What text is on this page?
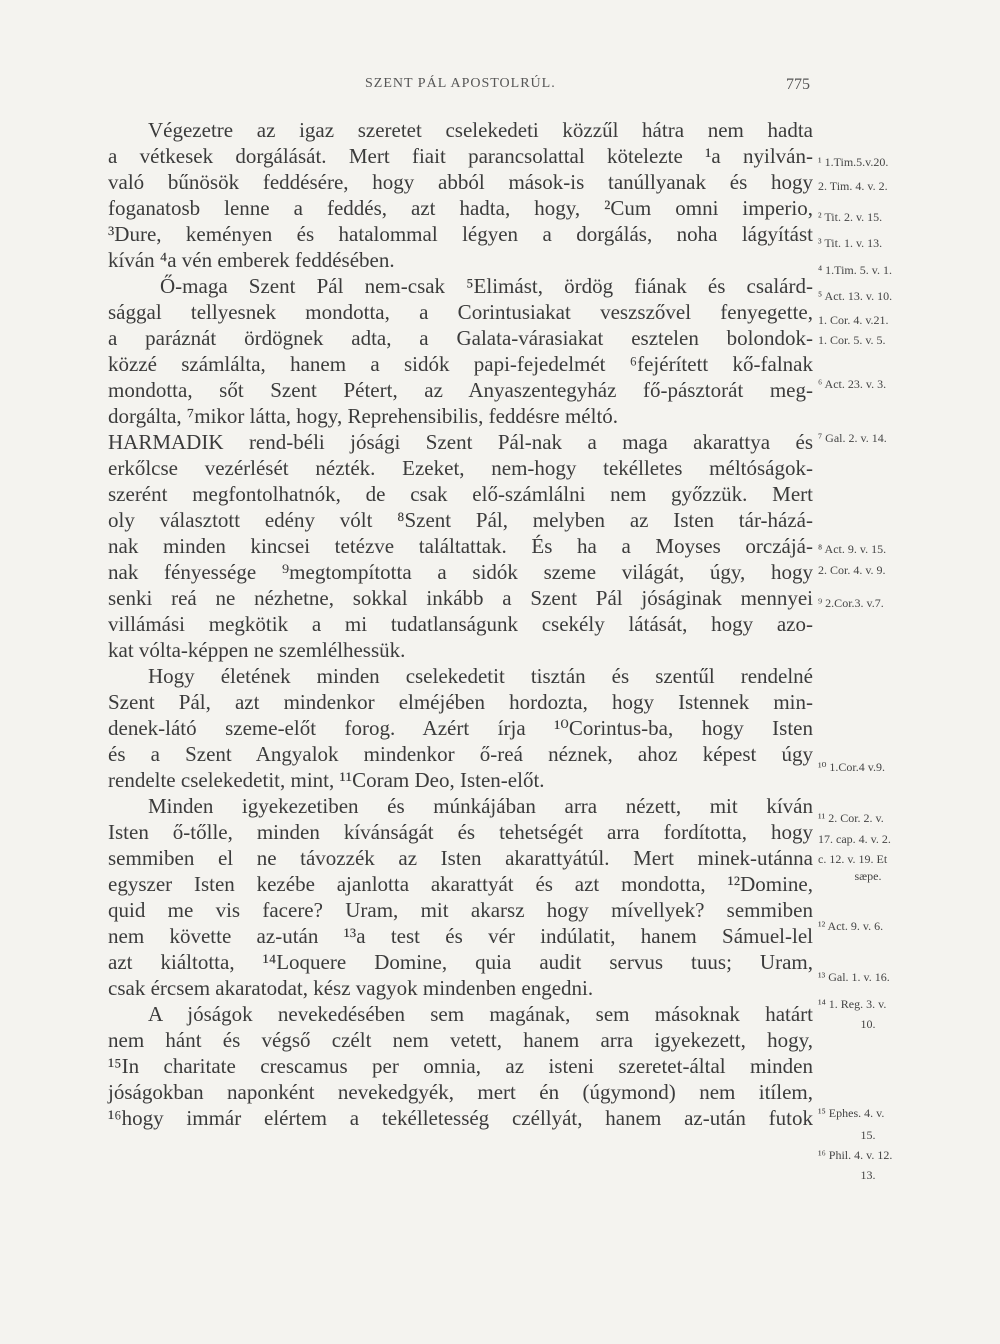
SZENT PÁL APOSTOLRÚL.	775
Végezetre az igaz szeretet cselekedeti közzűl hátra nem hadta
a vétkesek dorgálását. Mert fiait parancsolattal kötelezte ¹a nyilván-
való bűnösök feddésére, hogy abból mások-is tanúllyanak és hogy
foganatosb lenne a feddés, azt hadta, hogy, ²Cum omni imperio,
³Dure, keményen és hatalommal légyen a dorgálás, noha lágyítást
kíván ⁴a vén emberek feddésében.
Ő-maga Szent Pál nem-csak ⁵Elimást, ördög fiának és csalárd-
sággal tellyesnek mondotta, a Corintusiakat veszszővel fenyegette,
a paráznát ördögnek adta, a Galata-várasiakat esztelen bolondok-
közzé számlálta, hanem a sidók papi-fejedelmét ⁶fejérített kő-falnak
mondotta, sőt Szent Pétert, az Anyaszentegyház fő-pásztorát meg-
dorgálta, ⁷mikor látta, hogy, Reprehensibilis, feddésre méltó.
HARMADIK rend-béli jósági Szent Pál-nak a maga akarattya és
erkőlcse vezérlését nézték. Ezeket, nem-hogy tekélletes méltóságok-
szerént megfontolhatnók, de csak elő-számlálni nem győzzük. Mert
oly választott edény vólt ⁸Szent Pál, melyben az Isten tár-házá-
nak minden kincsei tetézve találtattak. És ha a Moyses orczájá-
nak fényessége ⁹megtompította a sidók szeme világát, úgy, hogy
senki reá ne nézhetne, sokkal inkább a Szent Pál jóságinak mennyei
villámási megkötik a mi tudatlanságunk csekély látását, hogy azo-
kat vólta-képpen ne szemlélhessük.
Hogy életének minden cselekedetit tisztán és szentűl rendelné
Szent Pál, azt mindenkor elméjében hordozta, hogy Istennek min-
denek-látó szeme-előt forog. Azért írja ¹⁰Corintus-ba, hogy Isten
és a Szent Angyalok mindenkor ő-reá néznek, ahoz képest úgy
rendelte cselekedetit, mint, ¹¹Coram Deo, Isten-előt.
Minden igyekezetiben és múnkájában arra nézett, mit kíván
Isten ő-tőlle, minden kívánságát és tehetségét arra fordította, hogy
semmiben el ne távozzék az Isten akarattyátúl. Mert minek-utánna
egyszer Isten kezébe ajanlotta akarattyát és azt mondotta, ¹²Domine,
quid me vis facere? Uram, mit akarsz hogy mívellyek? semmiben
nem követte az-után ¹³a test és vér indúlatit, hanem Sámuel-lel
azt kiáltotta, ¹⁴Loquere Domine, quia audit servus tuus; Uram,
csak ércsem akaratodat, kész vagyok mindenben engedni.
A jóságok nevekedésében sem magának, sem másoknak határt
nem hánt és végső czélt nem vetett, hanem arra igyekezett, hogy,
¹⁵In charitate crescamus per omnia, az isteni szeretet-által minden
jóságokban naponként nevekedgyék, mert én (úgymond) nem itílem,
¹⁶hogy immár elértem a tekélletesség czéllyát, hanem az-után futok
¹ 1.Tim.5.v.20.
2. Tim. 4. v. 2.
² Tit. 2. v. 15.
³ Tit. 1. v. 13.
⁴ 1.Tim. 5. v. 1.
⁵ Act. 13. v. 10.
1. Cor. 4. v.21.
1. Cor. 5. v. 5.
⁶ Act. 23. v. 3.
⁷ Gal. 2. v. 14.
⁸ Act. 9. v. 15.
2. Cor. 4. v. 9.
⁹ 2.Cor.3. v.7.
¹⁰ 1.Cor.4 v.9.
¹¹ 2. Cor. 2. v.
17. cap. 4. v. 2.
c. 12. v. 19. Et
sæpe.
¹² Act. 9. v. 6.
¹³ Gal. 1. v. 16.
¹⁴ 1. Reg. 3. v.
10.
¹⁵ Ephes. 4. v.
15.
¹⁶ Phil. 4. v. 12.
13.
